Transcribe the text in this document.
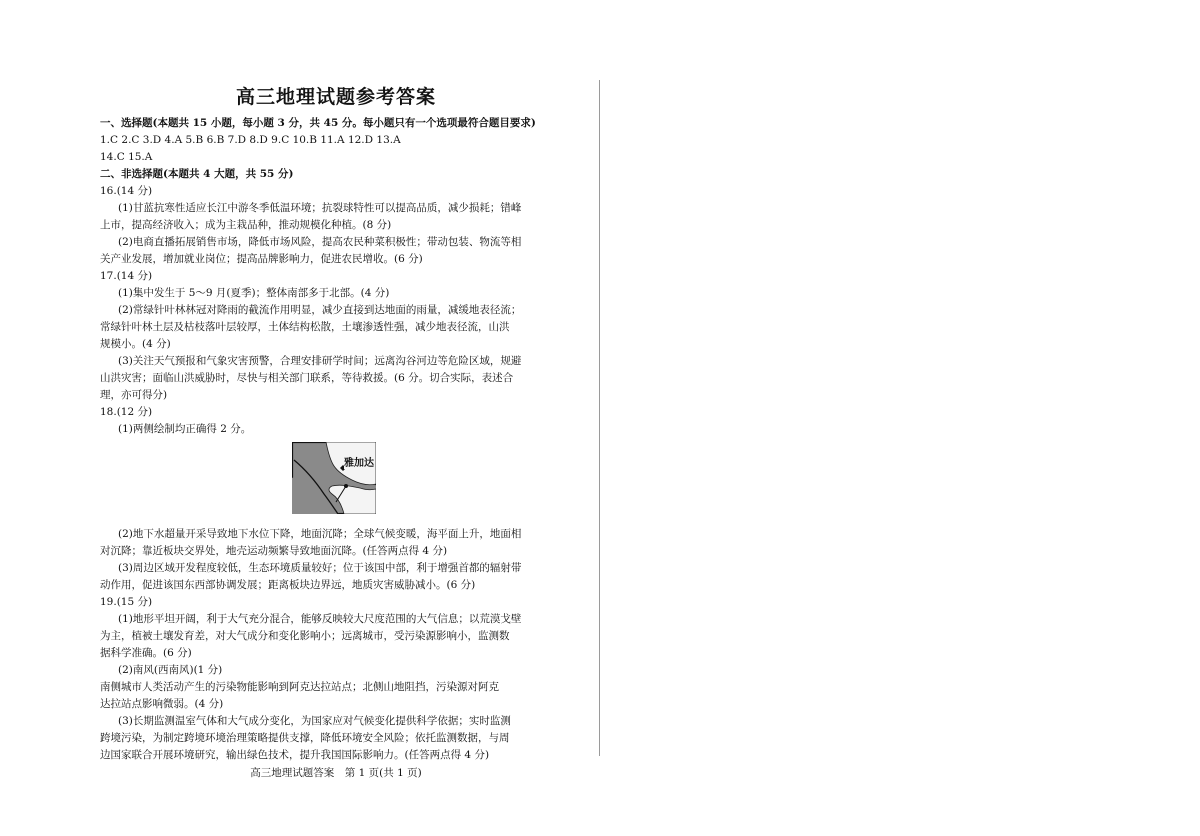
高三地理试题参考答案
一、选择题(本题共 15 小题，每小题 3 分，共 45 分。每小题只有一个选项最符合题目要求)
1.C 2.C 3.D 4.A 5.B 6.B 7.D 8.D 9.C 10.B 11.A 12.D 13.A
14.C 15.A
二、非选择题(本题共 4 大题，共 55 分)
16.(14 分)
(1)甘蓝抗寒性适应长江中游冬季低温环境；抗裂球特性可以提高品质，减少损耗；错峰
上市，提高经济收入；成为主栽品种，推动规模化种植。(8 分)
(2)电商直播拓展销售市场，降低市场风险，提高农民种菜积极性；带动包装、物流等相
关产业发展，增加就业岗位；提高品牌影响力，促进农民增收。(6 分)
17.(14 分)
(1)集中发生于 5～9 月(夏季)；整体南部多于北部。(4 分)
(2)常绿针叶林林冠对降雨的截流作用明显，减少直接到达地面的雨量，减缓地表径流；
常绿针叶林土层及枯枝落叶层较厚，土体结构松散，土壤渗透性强，减少地表径流，山洪
规模小。(4 分)
(3)关注天气预报和气象灾害预警，合理安排研学时间；远离沟谷河边等危险区域，规避
山洪灾害；面临山洪威胁时，尽快与相关部门联系，等待救援。(6 分。切合实际，表述合
理，亦可得分)
18.(12 分)
(1)两侧绘制均正确得 2 分。
雅加达
(2)地下水超量开采导致地下水位下降，地面沉降；全球气候变暖，海平面上升，地面相
对沉降；靠近板块交界处，地壳运动频繁导致地面沉降。(任答两点得 4 分)
(3)周边区域开发程度较低，生态环境质量较好；位于该国中部，利于增强首都的辐射带
动作用，促进该国东西部协调发展；距离板块边界远，地质灾害威胁减小。(6 分)
19.(15 分)
(1)地形平坦开阔，利于大气充分混合，能够反映较大尺度范围的大气信息；以荒漠戈壁
为主，植被土壤发育差，对大气成分和变化影响小；远离城市，受污染源影响小，监测数
据科学准确。(6 分)
(2)南风(西南风)(1 分)
南侧城市人类活动产生的污染物能影响到阿克达拉站点；北侧山地阻挡，污染源对阿克
达拉站点影响微弱。(4 分)
(3)长期监测温室气体和大气成分变化，为国家应对气候变化提供科学依据；实时监测
跨境污染，为制定跨境环境治理策略提供支撑，降低环境安全风险；依托监测数据，与周
边国家联合开展环境研究，输出绿色技术，提升我国国际影响力。(任答两点得 4 分)
高三地理试题答案　第 1 页(共 1 页)
